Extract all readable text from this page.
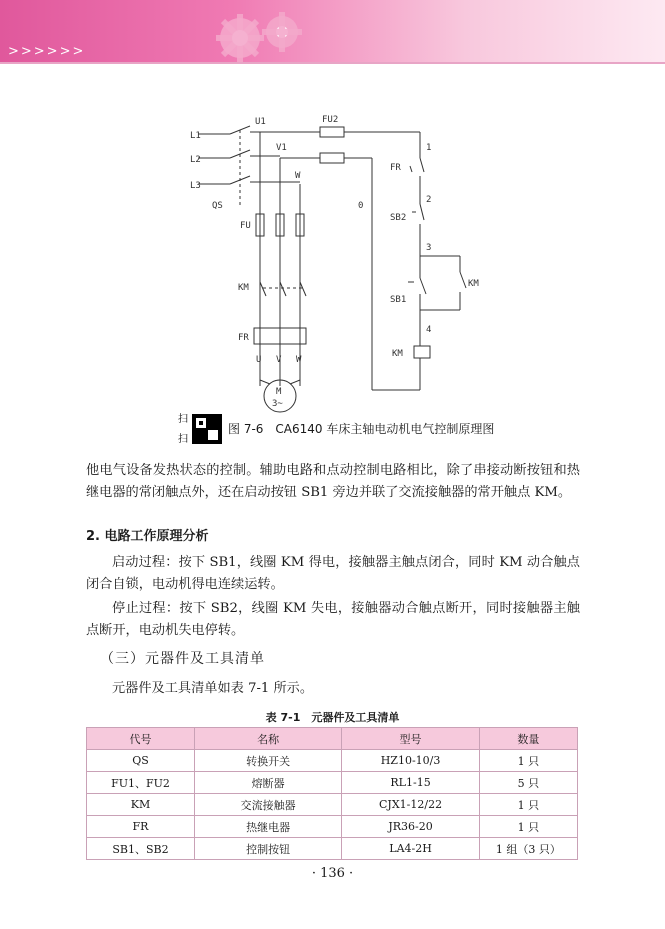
>>>>>>
L1
L2
L3
U1
V1
W
FU2
QS
FU
KM
FR
U V W
M
3~
0
1
2
3
4
FR
SB2
SB1
KM
KM
扫
扫
图 7-6　CA6140 车床主轴电动机电气控制原理图

他电气设备发热状态的控制。辅助电路和点动控制电路相比，除了串接动断按钮和热继电器的常闭触点外，还在启动按钮 SB1 旁边并联了交流接触器的常开触点 KM。

2. 电路工作原理分析

启动过程：按下 SB1，线圈 KM 得电，接触器主触点闭合，同时 KM 动合触点闭合自锁，电动机得电连续运转。

停止过程：按下 SB2，线圈 KM 失电，接触器动合触点断开，同时接触器主触点断开，电动机失电停转。

（三）元器件及工具清单

元器件及工具清单如表 7-1 所示。

表 7-1　元器件及工具清单
代号	名称	型号	数量
QS	转换开关	HZ10-10/3	1 只
FU1、FU2	熔断器	RL1-15	5 只
KM	交流接触器	CJX1-12/22	1 只
FR	热继电器	JR36-20	1 只
SB1、SB2	控制按钮	LA4-2H	1 组（3 只）
· 136 ·
